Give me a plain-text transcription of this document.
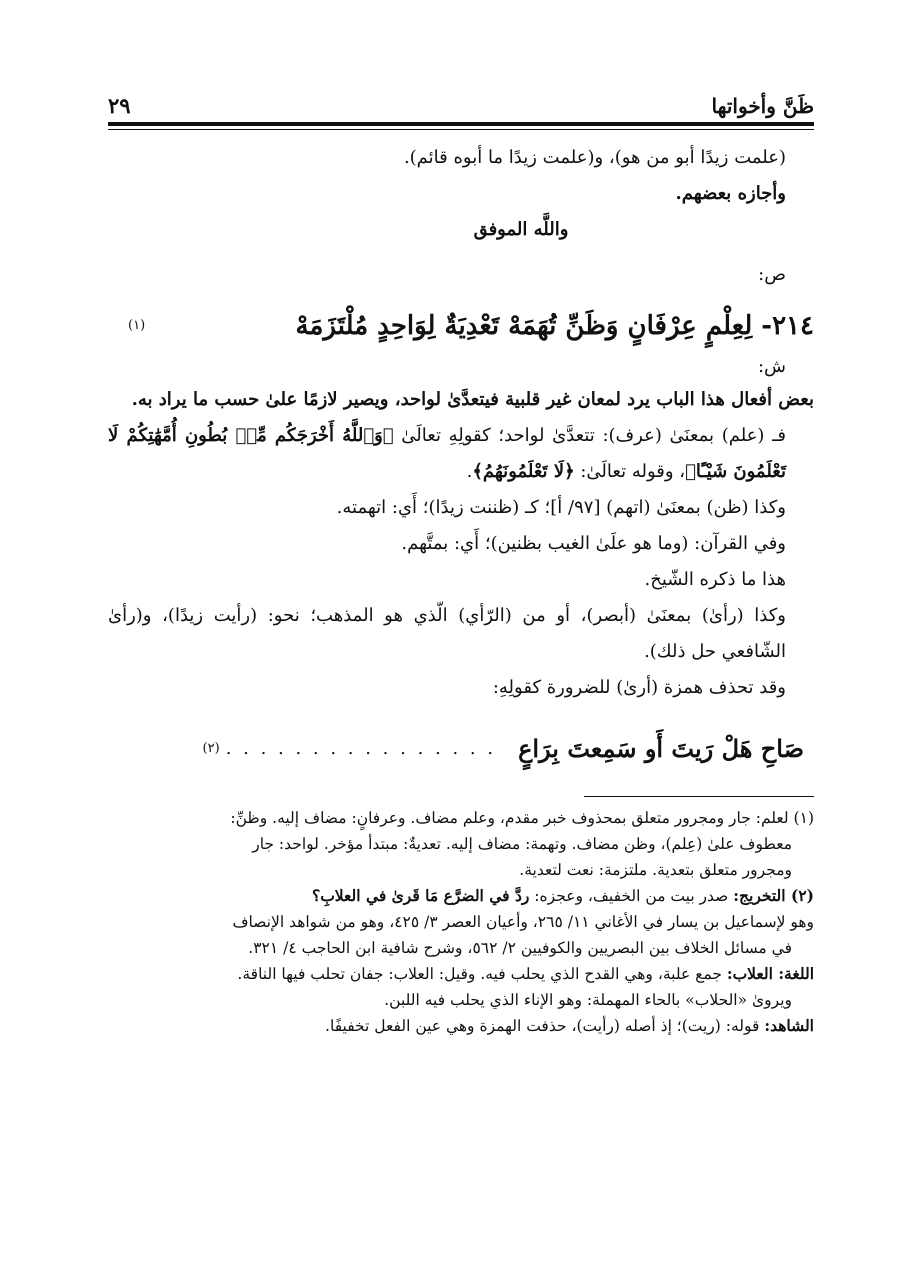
ظَنَّ وأخواتها
٢٩

(علمت زيدًا أبو من هو)، و(علمت زيدًا ما أبوه قائم).

وأجازه بعضهم.

واللَّه الموفق

ص:

٢١٤- لِعِلْمٍ عِرْفَانٍ وَظَنِّ تُهَمَهْ تَعْدِيَةٌ لِوَاحِدٍ مُلْتَزَمَهْ
(١)

ش:

بعض أفعال هذا الباب يرد لمعان غير قلبية فيتعدَّىٰ لواحد، ويصير لازمًا علىٰ حسب ما يراد به.

فـ (علم) بمعنَىٰ (عرف): تتعدَّىٰ لواحد؛ كقولِهِ تعالَىٰ ﴿وَٱللَّهُ أَخْرَجَكُم مِّنۢ بُطُونِ أُمَّهَٰتِكُمْ لَا تَعْلَمُونَ شَيْـًٔا﴾، وقوله تعالَىٰ: ﴿لَا تَعْلَمُونَهُمُ﴾.

وكذا (ظن) بمعنَىٰ (اتهم) [٩٧/ أ]؛ كـ (ظننت زيدًا)؛ أَي: اتهمته.

وفي القرآن: (وما هو علَىٰ الغيب بظنين)؛ أَي: بمتَّهم.

هذا ما ذكره الشّيخ.

وكذا (رأىٰ) بمعنَىٰ (أبصر)، أو من (الرّأي) الّذي هو المذهب؛ نحو: (رأيت زيدًا)، و(رأىٰ الشّافعي حل ذلك).

وقد تحذف همزة (أرىٰ) للضرورة كقولِهِ:

صَاحِ هَلْ رَيتَ أَو سَمِعتَ بِرَاعٍ
. . . . . . . . . . . . . . . .
(٢)

(١) لعلم: جار ومجرور متعلق بمحذوف خبر مقدم، وعلم مضاف. وعرفانٍ: مضاف إليه. وظنِّ:

معطوف علىٰ (عِلم)، وظن مضاف. وتهمة: مضاف إليه. تعديةٌ: مبتدأ مؤخر. لواحد: جار

ومجرور متعلق بتعدية. ملتزمة: نعت لتعدية.

(٢) التخريج: صدر بيت من الخفيف، وعجزه: ردَّ في الضرَّع مَا قَرىٰ في العلابِ؟

وهو لإسماعيل بن يسار في الأغاني ١١/ ٢٦٥، وأعيان العصر ٣/ ٤٢٥، وهو من شواهد الإنصاف

في مسائل الخلاف بين البصريين والكوفيين ٢/ ٥٦٢، وشرح شافية ابن الحاجب ٤/ ٣٢١.

اللغة: العلاب: جمع علبة، وهي القدح الذي يحلب فيه. وقيل: العلاب: جفان تحلب فيها الناقة.

ويروىٰ «الحلاب» بالحاء المهملة: وهو الإناء الذي يحلب فيه اللبن.

الشاهد: قوله: (ريت)؛ إذ أصله (رأيت)، حذفت الهمزة وهي عين الفعل تخفيفًا.
